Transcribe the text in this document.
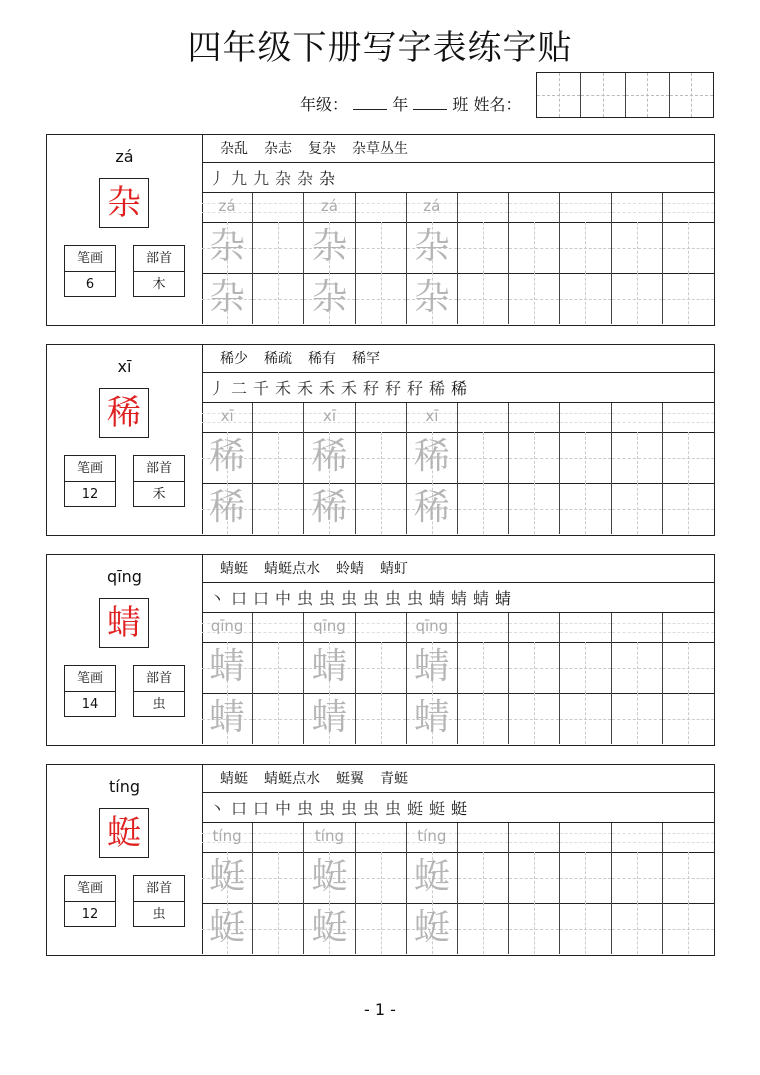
四年级下册写字表练字贴
年级：	年	班 姓名：
zá
杂
笔画
6
部首
木
杂乱 杂志 复杂 杂草丛生
丿 九 九 杂 杂 杂
zá	zá	zá
杂 杂 杂
杂 杂 杂
xī
稀
笔画
12
部首
禾
稀少 稀疏 稀有 稀罕
丿 二 千 禾 禾 禾 禾 秄 秄 秄 稀 稀
xī	xī	xī
稀 稀 稀
稀 稀 稀
qīng
蜻
笔画
14
部首
虫
蜻蜓 蜻蜓点水 蛉蜻 蜻虰
丶 口 口 中 虫 虫 虫 虫 虫 虫 蜻 蜻 蜻 蜻
qīng	qīng	qīng
蜻 蜻 蜻
蜻 蜻 蜻
tíng
蜓
笔画
12
部首
虫
蜻蜓 蜻蜓点水 蜓翼 青蜓
丶 口 口 中 虫 虫 虫 虫 虫 蜓 蜓 蜓
tíng	tíng	tíng
蜓 蜓 蜓
蜓 蜓 蜓
- 1 -
